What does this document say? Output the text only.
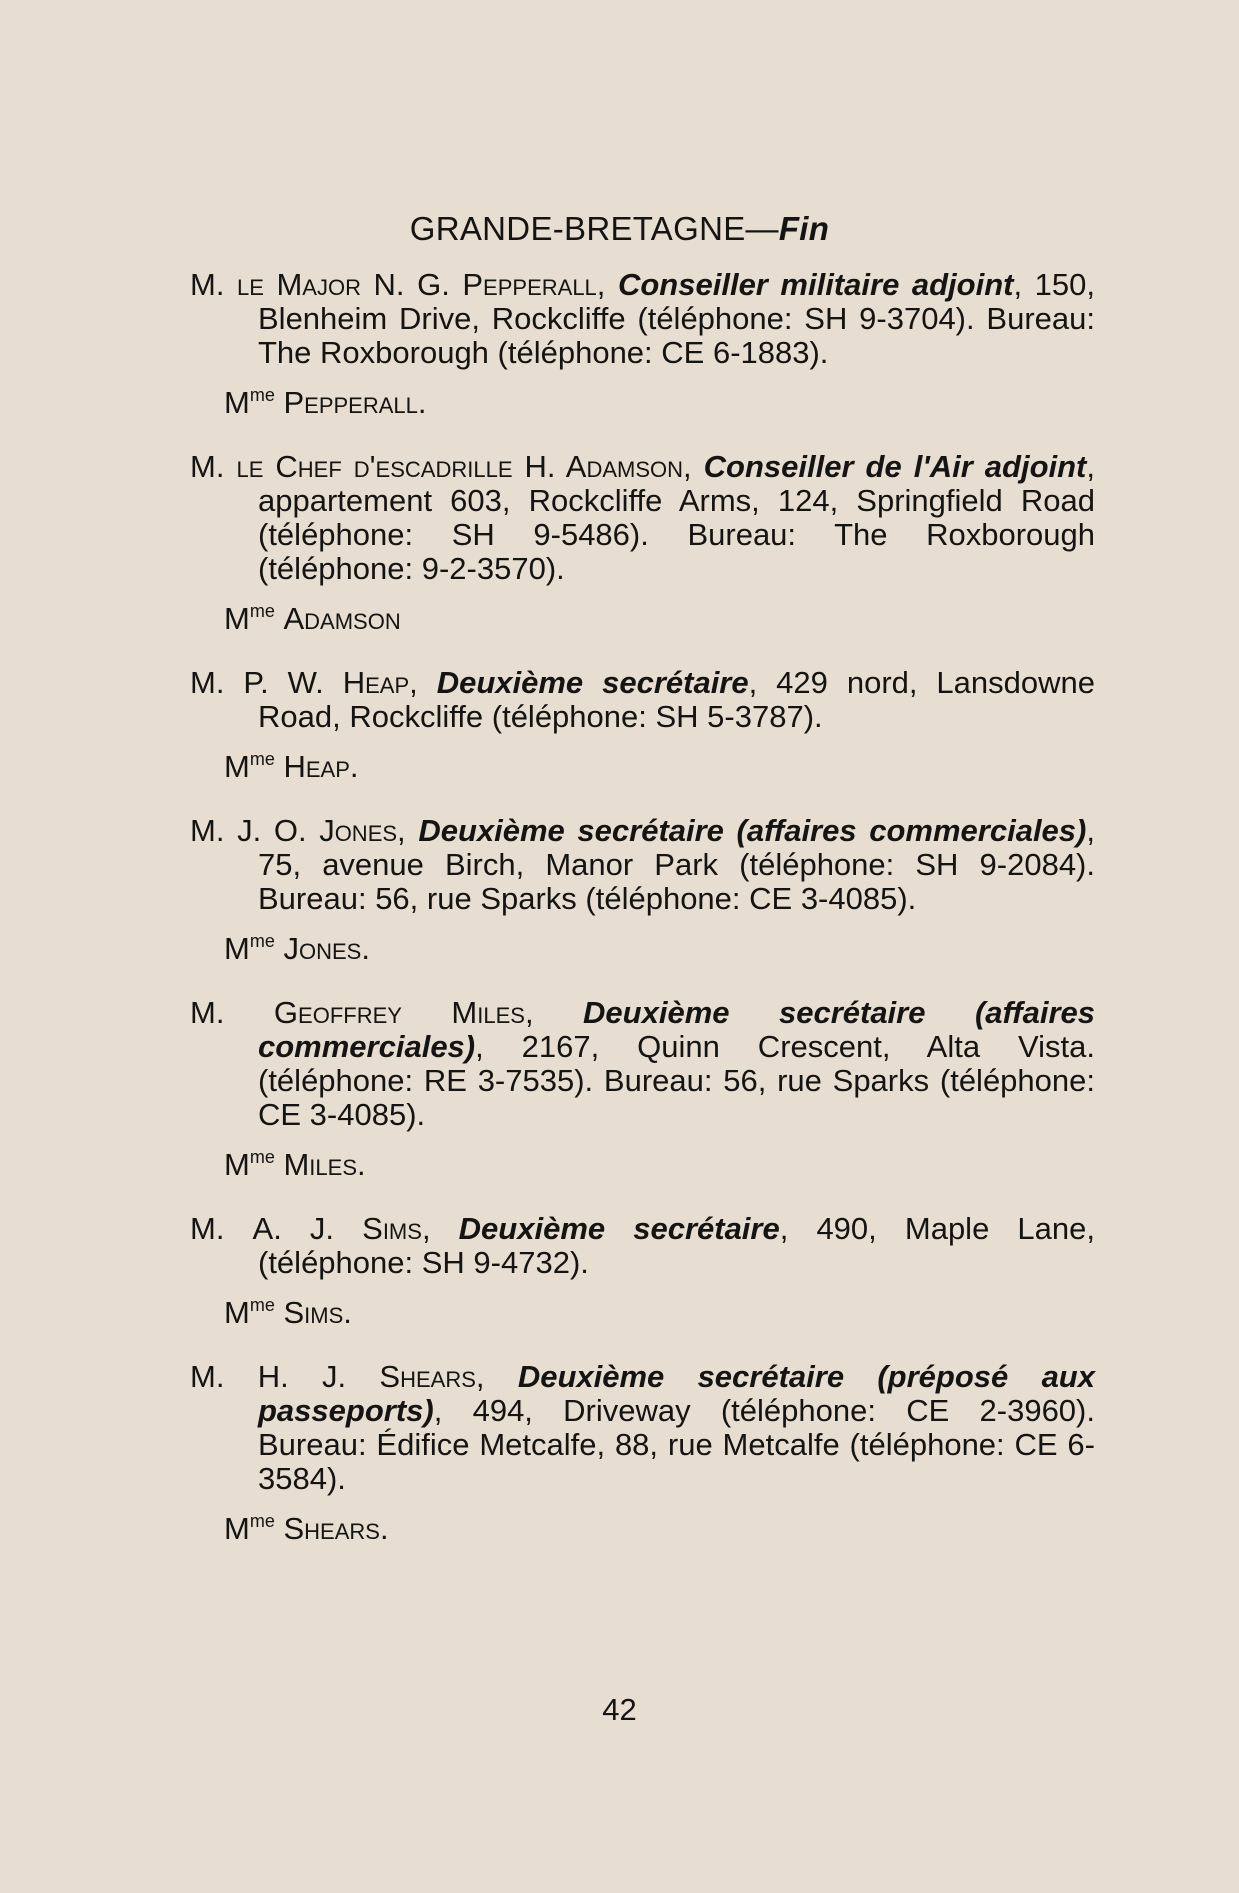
GRANDE-BRETAGNE—Fin
M. le Major N. G. Pepperall, Conseiller militaire adjoint, 150, Blenheim Drive, Rockcliffe (téléphone: SH 9-3704). Bureau: The Roxborough (téléphone: CE 6-1883).
$M^{me}$ Pepperall.
M. le Chef d'escadrille H. Adamson, Conseiller de l'Air adjoint, appartement 603, Rockcliffe Arms, 124, Springfield Road (téléphone: SH 9-5486). Bureau: The Roxborough (téléphone: 9-2-3570).
$M^{me}$ Adamson
M. P. W. Heap, Deuxième secrétaire, 429 nord, Lansdowne Road, Rockcliffe (téléphone: SH 5-3787).
$M^{me}$ Heap.
M. J. O. Jones, Deuxième secrétaire (affaires commerciales), 75, avenue Birch, Manor Park (téléphone: SH 9-2084). Bureau: 56, rue Sparks (téléphone: CE 3-4085).
$M^{me}$ Jones.
M. Geoffrey Miles, Deuxième secrétaire (affaires commerciales), 2167, Quinn Crescent, Alta Vista. (téléphone: RE 3-7535). Bureau: 56, rue Sparks (téléphone: CE 3-4085).
$M^{me}$ Miles.
M. A. J. Sims, Deuxième secrétaire, 490, Maple Lane, (téléphone: SH 9-4732).
$M^{me}$ Sims.
M. H. J. Shears, Deuxième secrétaire (préposé aux passeports), 494, Driveway (téléphone: CE 2-3960). Bureau: Édifice Metcalfe, 88, rue Metcalfe (téléphone: CE 6-3584).
$M^{me}$ Shears.
42
